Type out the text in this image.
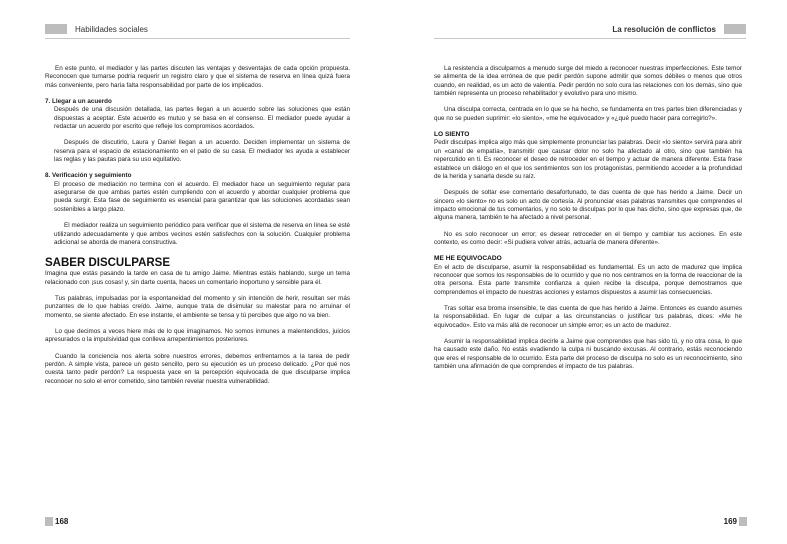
Habilidades sociales

En este punto, el mediador y las partes discuten las ventajas y desventajas de cada opción propuesta. Reconocen que turnarse podría requerir un registro claro y que el sistema de reserva en línea quizá fuera más conveniente, pero haría falta responsabilidad por parte de los implicados.

7. Llegar a un acuerdo

Después de una discusión detallada, las partes llegan a un acuerdo sobre las soluciones que están dispuestas a aceptar. Este acuerdo es mutuo y se basa en el consenso. El mediador puede ayudar a redactar un acuerdo por escrito que refleje los compromisos acordados.

Después de discutirlo, Laura y Daniel llegan a un acuerdo. Deciden implementar un sistema de reserva para el espacio de estacionamiento en el patio de su casa. El mediador les ayuda a establecer las reglas y las pautas para su uso equitativo.

8. Verificación y seguimiento

El proceso de mediación no termina con el acuerdo. El mediador hace un seguimiento regular para asegurarse de que ambas partes estén cumpliendo con el acuerdo y abordar cualquier problema que pueda surgir. Esta fase de seguimiento es esencial para garantizar que las soluciones acordadas sean sostenibles a largo plazo.

El mediador realiza un seguimiento periódico para verificar que el sistema de reserva en línea se esté utilizando adecuadamente y que ambos vecinos estén satisfechos con la solución. Cualquier problema adicional se aborda de manera constructiva.

SABER DISCULPARSE

Imagina que estás pasando la tarde en casa de tu amigo Jaime. Mientras estáis hablando, surge un tema relacionado con ¡sus cosas! y, sin darte cuenta, haces un comentario inoportuno y sensible para él.

Tus palabras, impulsadas por la espontaneidad del momento y sin intención de herir, resultan ser más punzantes de lo que habías creído. Jaime, aunque trata de disimular su malestar para no arruinar el momento, se siente afectado. En ese instante, el ambiente se tensa y tú percibes que algo no va bien.

Lo que decimos a veces hiere más de lo que imaginamos. No somos inmunes a malentendidos, juicios apresurados o la impulsividad que conlleva arrepentimientos posteriores.

Cuando la conciencia nos alerta sobre nuestros errores, debemos enfrentarnos a la tarea de pedir perdón. A simple vista, parece un gesto sencillo, pero su ejecución es un proceso delicado. ¿Por qué nos cuesta tanto pedir perdón? La respuesta yace en la percepción equivocada de que disculparse implica reconocer no solo el error cometido, sino también revelar nuestra vulnerabilidad.

168
La resolución de conflictos

La resistencia a disculparnos a menudo surge del miedo a reconocer nuestras imperfecciones. Este temor se alimenta de la idea errónea de que pedir perdón supone admitir que somos débiles o menos que otros cuando, en realidad, es un acto de valentía. Pedir perdón no solo cura las relaciones con los demás, sino que también representa un proceso rehabilitador y evolutivo para uno mismo.

Una disculpa correcta, centrada en lo que se ha hecho, se fundamenta en tres partes bien diferenciadas y que no se pueden suprimir: «lo siento», «me he equivocado» y «¿qué puedo hacer para corregirlo?».

LO SIENTO

Pedir disculpas implica algo más que simplemente pronunciar las palabras. Decir «lo siento» servirá para abrir un «canal de empatía», transmitir que causar dolor no solo ha afectado al otro, sino que también ha repercutido en ti. Es reconocer el deseo de retroceder en el tiempo y actuar de manera diferente. Esta frase establece un diálogo en el que los sentimientos son los protagonistas, permitiendo acceder a la profundidad de la herida y sanarla desde su raíz.

Después de soltar ese comentario desafortunado, te das cuenta de que has herido a Jaime. Decir un sincero «lo siento» no es solo un acto de cortesía. Al pronunciar esas palabras transmites que comprendes el impacto emocional de tus comentarios, y no solo te disculpas por lo que has dicho, sino que expresas que, de alguna manera, también te ha afectado a nivel personal.

No es solo reconocer un error; es desear retroceder en el tiempo y cambiar tus acciones. En este contexto, es como decir: «Si pudiera volver atrás, actuaría de manera diferente».

ME HE EQUIVOCADO

En el acto de disculparse, asumir la responsabilidad es fundamental. Es un acto de madurez que implica reconocer que somos los responsables de lo ocurrido y que no nos centramos en la forma de reaccionar de la otra persona. Esta parte transmite confianza a quien recibe la disculpa, porque demostramos que comprendemos el impacto de nuestras acciones y estamos dispuestos a asumir las consecuencias.

Tras soltar esa broma insensible, te das cuenta de que has herido a Jaime. Entonces es cuando asumes la responsabilidad. En lugar de culpar a las circunstancias o justificar tus palabras, dices: «Me he equivocado». Esto va más allá de reconocer un simple error; es un acto de madurez.

Asumir la responsabilidad implica decirle a Jaime que comprendes que has sido tú, y no otra cosa, lo que ha causado este daño. No estás evadiendo la culpa ni buscando excusas. Al contrario, estás reconociendo que eres el responsable de lo ocurrido. Esta parte del proceso de disculpa no solo es un reconocimiento, sino también una afirmación de que comprendes el impacto de tus palabras.

169
